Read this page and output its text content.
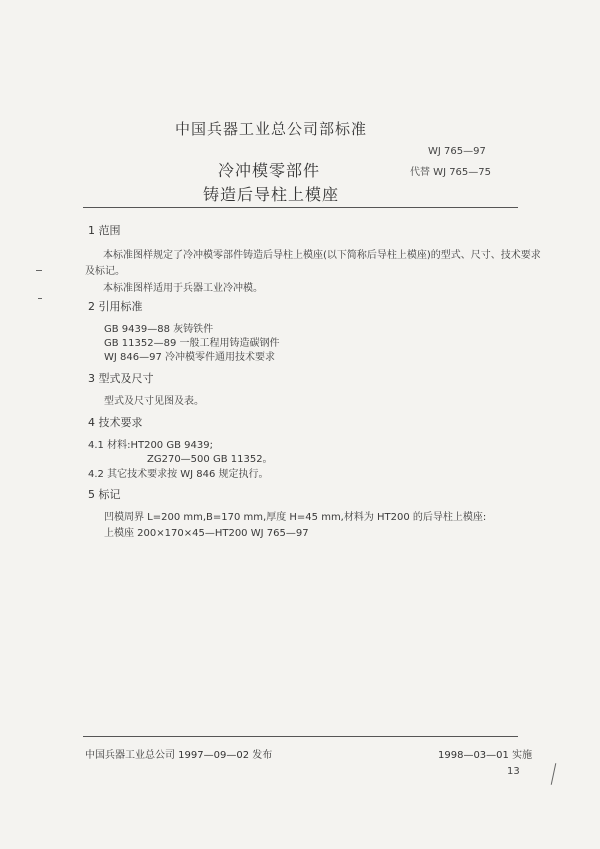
中国兵器工业总公司部标准
WJ 765—97
冷冲模零部件	代替 WJ 765—75
铸造后导柱上模座
1 范围
本标准图样规定了冷冲模零部件铸造后导柱上模座(以下简称后导柱上模座)的型式、尺寸、技术要求
及标记。
本标准图样适用于兵器工业冷冲模。
2 引用标准
GB 9439—88 灰铸铁件
GB 11352—89 一般工程用铸造碳钢件
WJ 846—97 冷冲模零件通用技术要求
3 型式及尺寸
型式及尺寸见图及表。
4 技术要求
4.1 材料:HT200 GB 9439;
ZG270—500 GB 11352。
4.2 其它技术要求按 WJ 846 规定执行。
5 标记
凹模周界 L=200 mm,B=170 mm,厚度 H=45 mm,材料为 HT200 的后导柱上模座:
上模座 200×170×45—HT200 WJ 765—97
中国兵器工业总公司 1997—09—02 发布	1998—03—01 实施
13
